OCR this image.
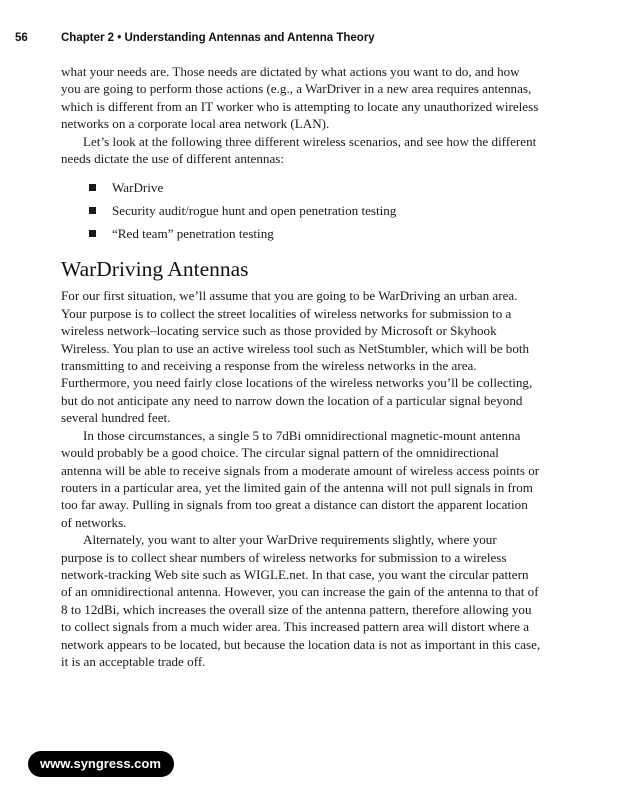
56	Chapter 2 • Understanding Antennas and Antenna Theory

what your needs are. Those needs are dictated by what actions you want to do, and how you are going to perform those actions (e.g., a WarDriver in a new area requires antennas, which is different from an IT worker who is attempting to locate any unauthorized wireless networks on a corporate local area network (LAN).

Let’s look at the following three different wireless scenarios, and see how the different needs dictate the use of different antennas:

WarDrive
Security audit/rogue hunt and open penetration testing
“Red team” penetration testing
WarDriving Antennas

For our first situation, we’ll assume that you are going to be WarDriving an urban area. Your purpose is to collect the street localities of wireless networks for submission to a wireless network–locating service such as those provided by Microsoft or Skyhook Wireless. You plan to use an active wireless tool such as NetStumbler, which will be both transmitting to and receiving a response from the wireless networks in the area. Furthermore, you need fairly close locations of the wireless networks you’ll be collecting, but do not anticipate any need to narrow down the location of a particular signal beyond several hundred feet.

In those circumstances, a single 5 to 7dBi omnidirectional magnetic-mount antenna would probably be a good choice. The circular signal pattern of the omnidirectional antenna will be able to receive signals from a moderate amount of wireless access points or routers in a particular area, yet the limited gain of the antenna will not pull signals in from too far away. Pulling in signals from too great a distance can distort the apparent location of networks.

Alternately, you want to alter your WarDrive requirements slightly, where your purpose is to collect shear numbers of wireless networks for submission to a wireless network-tracking Web site such as WIGLE.net. In that case, you want the circular pattern of an omnidirectional antenna. However, you can increase the gain of the antenna to that of 8 to 12dBi, which increases the overall size of the antenna pattern, therefore allowing you to collect signals from a much wider area. This increased pattern area will distort where a network appears to be located, but because the location data is not as important in this case, it is an acceptable trade off.

www.syngress.com
